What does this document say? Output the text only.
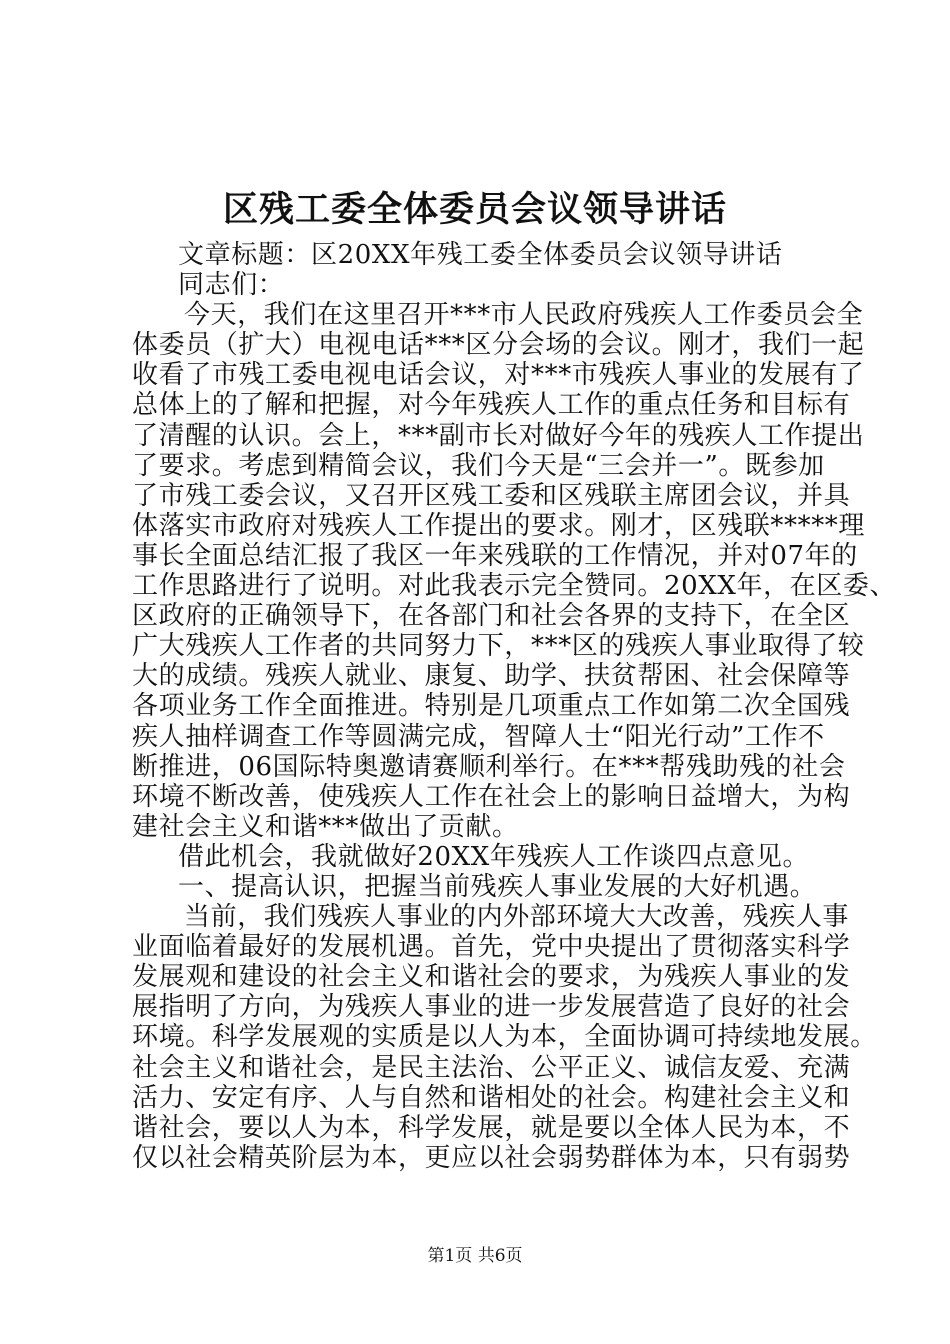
区残工委全体委员会议领导讲话
文章标题：区20XX年残工委全体委员会议领导讲话
同志们：
今天，我们在这里召开***市人民政府残疾人工作委员会全
体委员（扩大）电视电话***区分会场的会议。刚才，我们一起
收看了市残工委电视电话会议，对***市残疾人事业的发展有了
总体上的了解和把握，对今年残疾人工作的重点任务和目标有
了清醒的认识。会上，***副市长对做好今年的残疾人工作提出
了要求。考虑到精简会议，我们今天是“三会并一”。既参加
了市残工委会议，又召开区残工委和区残联主席团会议，并具
体落实市政府对残疾人工作提出的要求。刚才，区残联*****理
事长全面总结汇报了我区一年来残联的工作情况，并对07年的
工作思路进行了说明。对此我表示完全赞同。20XX年，在区委、
区政府的正确领导下，在各部门和社会各界的支持下，在全区
广大残疾人工作者的共同努力下，***区的残疾人事业取得了较
大的成绩。残疾人就业、康复、助学、扶贫帮困、社会保障等
各项业务工作全面推进。特别是几项重点工作如第二次全国残
疾人抽样调查工作等圆满完成，智障人士“阳光行动”工作不
断推进，06国际特奥邀请赛顺利举行。在***帮残助残的社会
环境不断改善，使残疾人工作在社会上的影响日益增大，为构
建社会主义和谐***做出了贡献。
借此机会，我就做好20XX年残疾人工作谈四点意见。
一、提高认识，把握当前残疾人事业发展的大好机遇。
当前，我们残疾人事业的内外部环境大大改善，残疾人事
业面临着最好的发展机遇。首先，党中央提出了贯彻落实科学
发展观和建设的社会主义和谐社会的要求，为残疾人事业的发
展指明了方向，为残疾人事业的进一步发展营造了良好的社会
环境。科学发展观的实质是以人为本，全面协调可持续地发展。
社会主义和谐社会，是民主法治、公平正义、诚信友爱、充满
活力、安定有序、人与自然和谐相处的社会。构建社会主义和
谐社会，要以人为本，科学发展，就是要以全体人民为本，不
仅以社会精英阶层为本，更应以社会弱势群体为本，只有弱势
第1页 共6页
